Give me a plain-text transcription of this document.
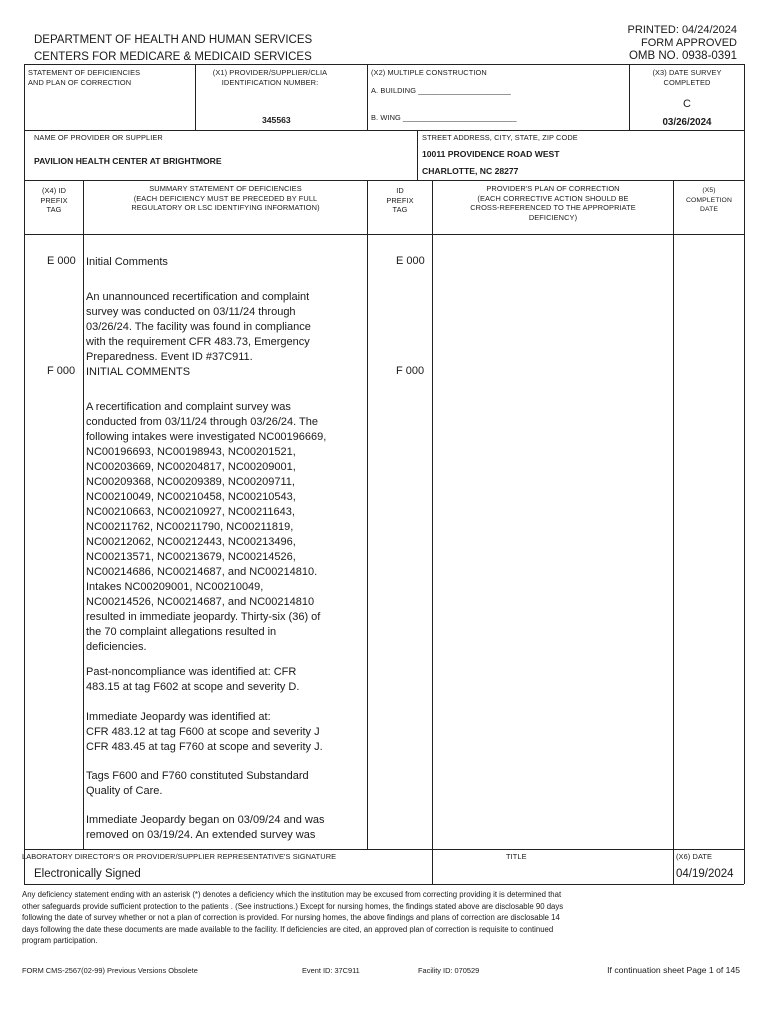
DEPARTMENT OF HEALTH AND HUMAN SERVICES
CENTERS FOR MEDICARE & MEDICAID SERVICES
PRINTED: 04/24/2024
FORM APPROVED
OMB NO. 0938-0391
STATEMENT OF DEFICIENCIES
AND PLAN OF CORRECTION
(X1) PROVIDER/SUPPLIER/CLIA
IDENTIFICATION NUMBER:
345563
(X2) MULTIPLE CONSTRUCTION
A. BUILDING ______________________
B. WING ___________________________
(X3) DATE SURVEY
COMPLETED
C
03/26/2024
NAME OF PROVIDER OR SUPPLIER
PAVILION HEALTH CENTER AT BRIGHTMORE
STREET ADDRESS, CITY, STATE, ZIP CODE
10011 PROVIDENCE ROAD WEST
CHARLOTTE, NC 28277
(X4) ID
PREFIX
TAG
SUMMARY STATEMENT OF DEFICIENCIES
(EACH DEFICIENCY MUST BE PRECEDED BY FULL
REGULATORY OR LSC IDENTIFYING INFORMATION)
ID
PREFIX
TAG
PROVIDER'S PLAN OF CORRECTION
(EACH CORRECTIVE ACTION SHOULD BE
CROSS-REFERENCED TO THE APPROPRIATE
DEFICIENCY)
(X5)
COMPLETION
DATE
E 000 Initial Comments	E 000
An unannounced recertification and complaint
survey was conducted on 03/11/24 through
03/26/24. The facility was found in compliance
with the requirement CFR 483.73, Emergency
Preparedness. Event ID #37C911.
F 000 INITIAL COMMENTS	F 000
A recertification and complaint survey was
conducted from 03/11/24 through 03/26/24. The
following intakes were investigated NC00196669,
NC00196693, NC00198943, NC00201521,
NC00203669, NC00204817, NC00209001,
NC00209368, NC00209389, NC00209711,
NC00210049, NC00210458, NC00210543,
NC00210663, NC00210927, NC00211643,
NC00211762, NC00211790, NC00211819,
NC00212062, NC00212443, NC00213496,
NC00213571, NC00213679, NC00214526,
NC00214686, NC00214687, and NC00214810.
Intakes NC00209001, NC00210049,
NC00214526, NC00214687, and NC00214810
resulted in immediate jeopardy. Thirty-six (36) of
the 70 complaint allegations resulted in
deficiencies.
Past-noncompliance was identified at: CFR
483.15 at tag F602 at scope and severity D.
Immediate Jeopardy was identified at:
CFR 483.12 at tag F600 at scope and severity J
CFR 483.45 at tag F760 at scope and severity J.
Tags F600 and F760 constituted Substandard
Quality of Care.
Immediate Jeopardy began on 03/09/24 and was
removed on 03/19/24. An extended survey was
LABORATORY DIRECTOR'S OR PROVIDER/SUPPLIER REPRESENTATIVE'S SIGNATURE
Electronically Signed
TITLE	(X6) DATE
04/19/2024
Any deficiency statement ending with an asterisk (*) denotes a deficiency which the institution may be excused from correcting providing it is determined that
other safeguards provide sufficient protection to the patients . (See instructions.) Except for nursing homes, the findings stated above are disclosable 90 days
following the date of survey whether or not a plan of correction is provided. For nursing homes, the above findings and plans of correction are disclosable 14
days following the date these documents are made available to the facility. If deficiencies are cited, an approved plan of correction is requisite to continued
program participation.
FORM CMS-2567(02-99) Previous Versions Obsolete	Event ID: 37C911	Facility ID: 070529	If continuation sheet Page 1 of 145
